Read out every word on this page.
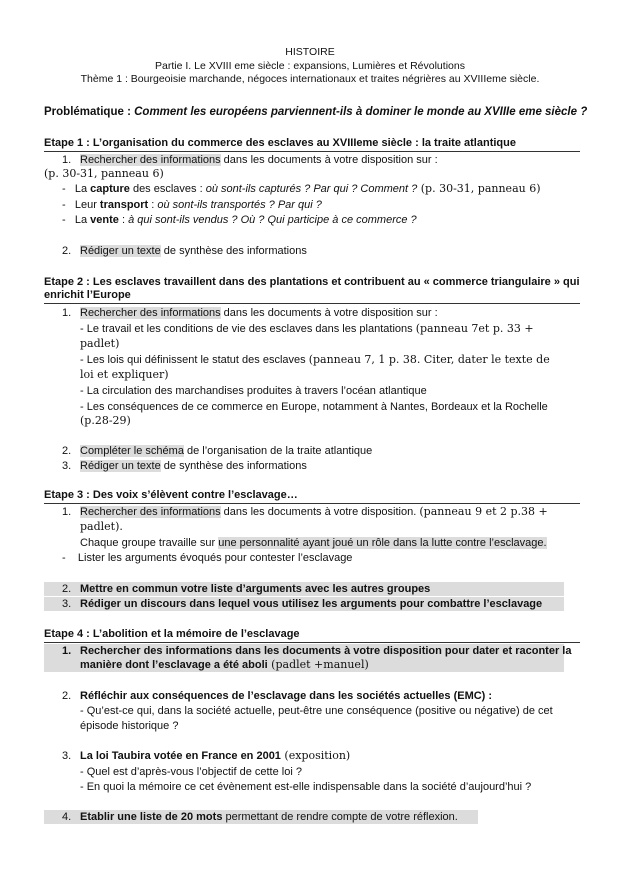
HISTOIRE
Partie I. Le XVIII eme siècle : expansions, Lumières et Révolutions
Thème 1 : Bourgeoisie marchande, négoces internationaux et traites négrières au XVIIIeme siècle.
Problématique : Comment les européens parviennent-ils à dominer le monde au XVIIIe eme siècle ?
Etape 1 : L’organisation du commerce des esclaves au XVIIIeme siècle : la traite atlantique
1. Rechercher des informations dans les documents à votre disposition sur :
(p. 30-31, panneau 6)
-   La capture des esclaves : où sont-ils capturés ? Par qui ? Comment ? (p. 30-31, panneau 6)
-   Leur transport : où sont-ils transportés ? Par qui ?
-   La vente : à qui sont-ils vendus ? Où ? Qui participe à ce commerce ?
2. Rédiger un texte de synthèse des informations
Etape 2 : Les esclaves travaillent dans des plantations et contribuent au « commerce triangulaire » qui
enrichit l’Europe
1. Rechercher des informations dans les documents à votre disposition sur :
- Le travail et les conditions de vie des esclaves dans les plantations (panneau 7et p. 33 +
padlet)
- Les lois qui définissent le statut des esclaves (panneau 7, 1 p. 38. Citer, dater le texte de
loi et expliquer)
- La circulation des marchandises produites à travers l’océan atlantique
- Les conséquences de ce commerce en Europe, notamment à Nantes, Bordeaux et la Rochelle
(p.28-29)
2. Compléter le schéma de l’organisation de la traite atlantique
3. Rédiger un texte de synthèse des informations
Etape 3 : Des voix s’élèvent contre l’esclavage…
1. Rechercher des informations dans les documents à votre disposition. (panneau 9 et 2 p.38 +
padlet).
Chaque groupe travaille sur une personnalité ayant joué un rôle dans la lutte contre l’esclavage.
-    Lister les arguments évoqués pour contester l’esclavage
2. Mettre en commun votre liste d’arguments avec les autres groupes
3. Rédiger un discours dans lequel vous utilisez les arguments pour combattre l’esclavage
Etape 4 : L’abolition et la mémoire de l’esclavage
1. Rechercher des informations dans les documents à votre disposition pour dater et raconter la
manière dont l’esclavage a été aboli (padlet +manuel)
2. Réfléchir aux conséquences de l’esclavage dans les sociétés actuelles (EMC) :
- Qu’est-ce qui, dans la société actuelle, peut-être une conséquence (positive ou négative) de cet
épisode historique ?
3. La loi Taubira votée en France en 2001 (exposition)
- Quel est d’après-vous l’objectif de cette loi ?
- En quoi la mémoire ce cet évènement est-elle indispensable dans la société d’aujourd’hui ?
4. Etablir une liste de 20 mots permettant de rendre compte de votre réflexion.
